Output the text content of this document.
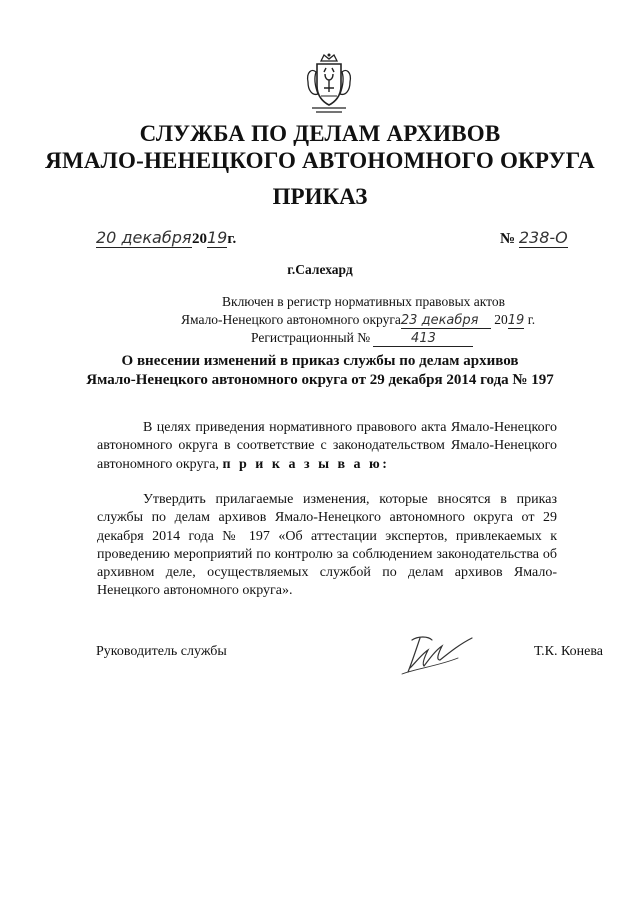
СЛУЖБА ПО ДЕЛАМ АРХИВОВ
ЯМАЛО-НЕНЕЦКОГО АВТОНОМНОГО ОКРУГА
ПРИКАЗ
20 декабря2019г.	№ 238-О
г.Салехард
Включен в регистр нормативных правовых актов
Ямало-Ненецкого автономного округа23 декабря 2019 г.
Регистрационный №	413
О внесении изменений в приказ службы по делам архивов
Ямало-Ненецкого автономного округа от 29 декабря 2014 года № 197
В целях приведения нормативного правового акта Ямало-Ненецкого автономного округа в соответствие с законодательством Ямало-Ненецкого автономного округа, п р и к а з ы в а ю:
Утвердить прилагаемые изменения, которые вносятся в приказ службы по делам архивов Ямало-Ненецкого автономного округа от 29 декабря 2014 года № 197 «Об аттестации экспертов, привлекаемых к проведению мероприятий по контролю за соблюдением законодательства об архивном деле, осуществляемых службой по делам архивов Ямало-Ненецкого автономного округа».
Руководитель службы	Т.К. Конева
